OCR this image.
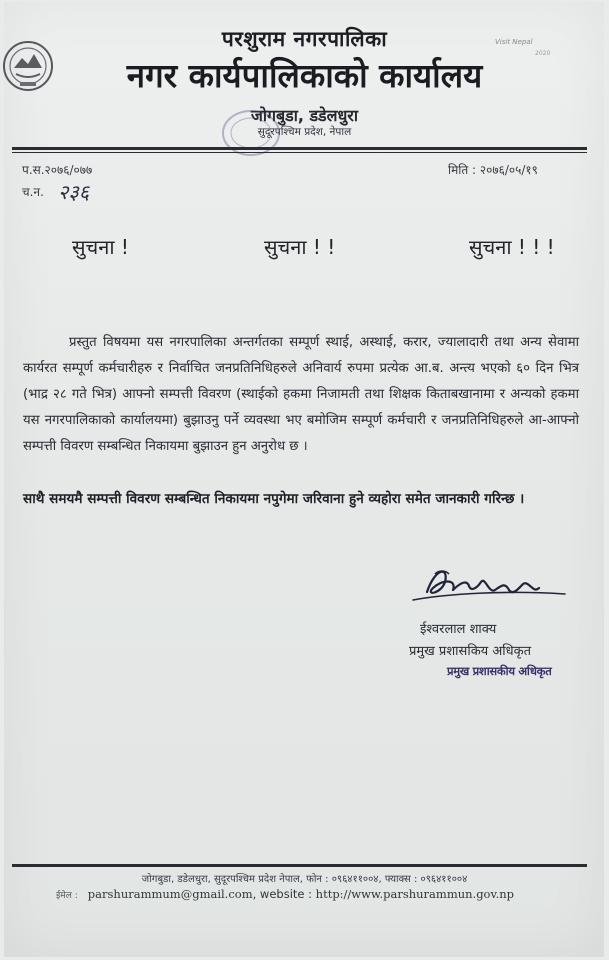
Visit Nepal
2020
परशुराम नगरपालिका
नगर कार्यपालिकाको कार्यालय
जोगबुडा, डडेलधुरा
सुदूरपश्चिम प्रदेश, नेपाल
प.स.२०७६/०७७	मिति : २०७६/०५/१९
च.न. २३६
सुचना !	सुचना ! !	सुचना ! ! !
प्रस्तुत विषयमा यस नगरपालिका अन्तर्गतका सम्पूर्ण स्थाई, अस्थाई, करार, ज्यालादारी तथा अन्य सेवामा कार्यरत सम्पूर्ण कर्मचारीहरु र निर्वाचित जनप्रतिनिधिहरुले अनिवार्य रुपमा प्रत्येक आ.ब. अन्त्य भएको ६० दिन भित्र (भाद्र २८ गते भित्र) आफ्नो सम्पत्ती विवरण (स्थाईको हकमा निजामती तथा शिक्षक किताबखानामा र अन्यको हकमा यस नगरपालिकाको कार्यालयमा) बुझाउनु पर्ने व्यवस्था भए बमोजिम सम्पूर्ण कर्मचारी र जनप्रतिनिधिहरुले आ-आफ्नो सम्पत्ती विवरण सम्बन्धित निकायमा बुझाउन हुन अनुरोध छ ।
साथै समयमै सम्पत्ती विवरण सम्बन्धित निकायमा नपुगेमा जरिवाना हुने व्यहोरा समेत जानकारी गरिन्छ ।
ईश्वरलाल शाक्य
प्रमुख प्रशासकिय अधिकृत
प्रमुख प्रशासकीय अधिकृत
जोगबुडा, डडेलधुरा, सुदूरपश्चिम प्रदेश नेपाल, फोन : ०९६४११००४, फ्याक्स : ०९६४११००४
ईमेल : parshurammum@gmail.com, website : http://www.parshurammun.gov.np
